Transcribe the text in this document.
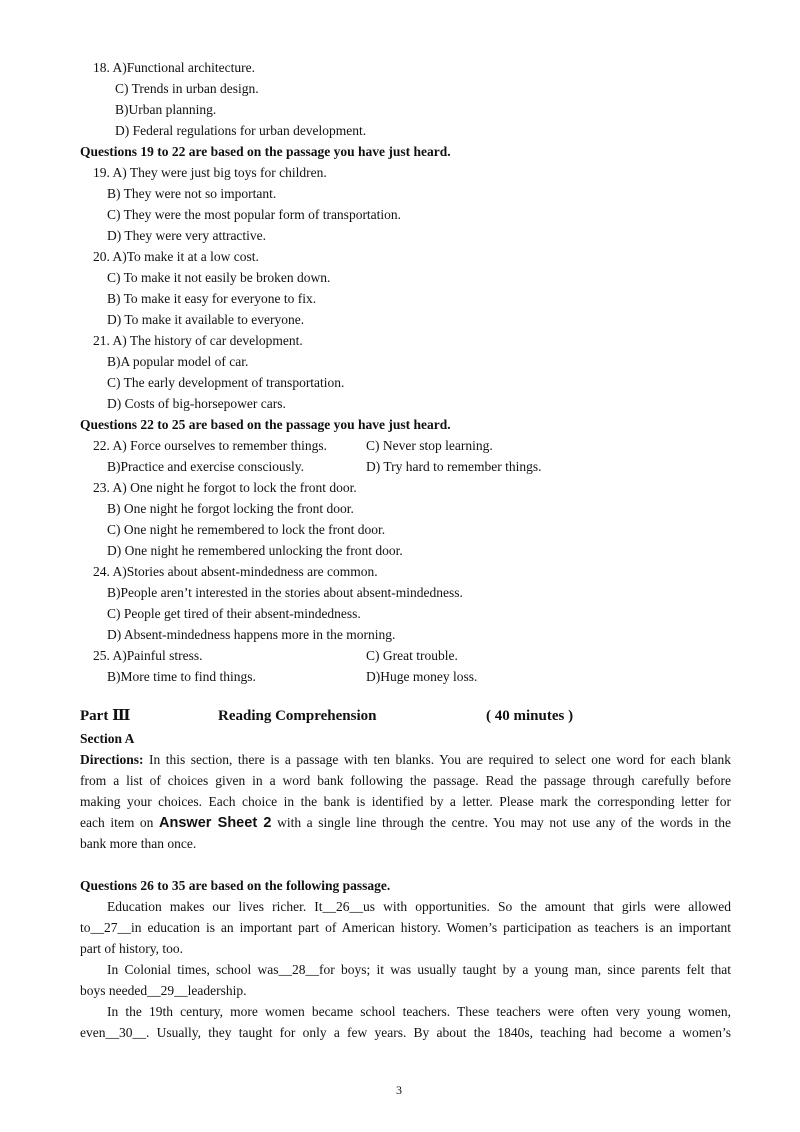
18. A)Functional architecture.
C) Trends in urban design.
B)Urban planning.
D) Federal regulations for urban development.
Questions 19 to 22 are based on the passage you have just heard.
19. A) They were just big toys for children.
B) They were not so important.
C) They were the most popular form of transportation.
D) They were very attractive.
20. A)To make it at a low cost.
C) To make it not easily be broken down.
B) To make it easy for everyone to fix.
D) To make it available to everyone.
21. A) The history of car development.
B)A popular model of car.
C) The early development of transportation.
D) Costs of big-horsepower cars.
Questions 22 to 25 are based on the passage you have just heard.
22. A) Force ourselves to remember things.	C) Never stop learning.
B)Practice and exercise consciously.	D) Try hard to remember things.
23. A) One night he forgot to lock the front door.
B) One night he forgot locking the front door.
C) One night he remembered to lock the front door.
D) One night he remembered unlocking the front door.
24. A)Stories about absent-mindedness are common.
B)People aren’t interested in the stories about absent-mindedness.
C) People get tired of their absent-mindedness.
D) Absent-mindedness happens more in the morning.
25. A)Painful stress.	C) Great trouble.
B)More time to find things.	D)Huge money loss.
Part Ⅲ	Reading Comprehension	( 40 minutes )
Section A
Directions: In this section, there is a passage with ten blanks. You are required to select one word for each blank
from a list of choices given in a word bank following the passage. Read the passage through carefully before
making your choices. Each choice in the bank is identified by a letter. Please mark the corresponding letter for
each item on Answer Sheet 2 with a single line through the centre. You may not use any of the words in the
bank more than once.
Questions 26 to 35 are based on the following passage.
Education makes our lives richer. It__26__us with opportunities. So the amount that girls were allowed
to__27__in education is an important part of American history. Women’s participation as teachers is an important
part of history, too.
In Colonial times, school was__28__for boys; it was usually taught by a young man, since parents felt that
boys needed__29__leadership.
In the 19th century, more women became school teachers. These teachers were often very young women,
even__30__. Usually, they taught for only a few years. By about the 1840s, teaching had become a women’s
3
